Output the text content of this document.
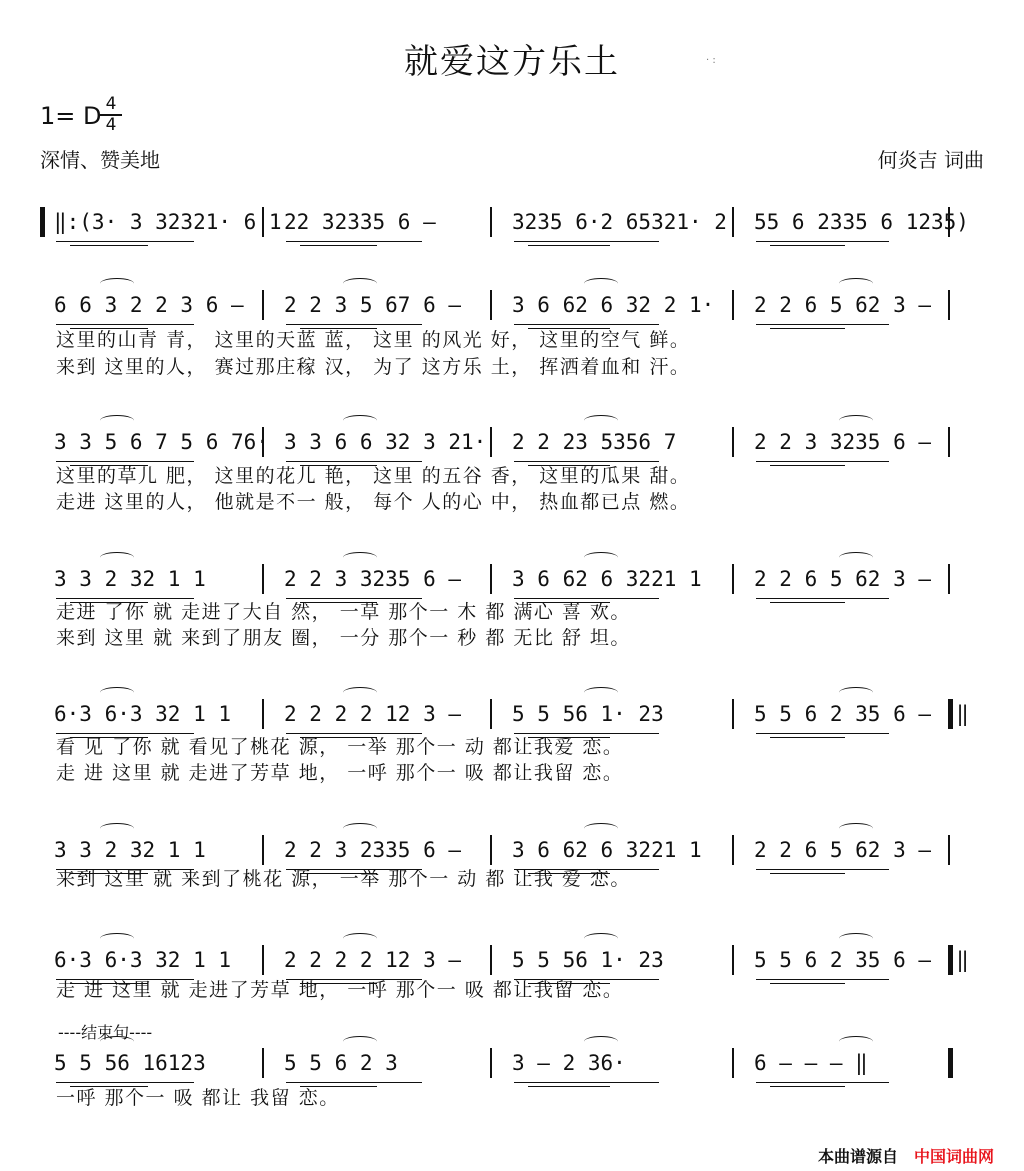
就爱这方乐土	· :
1= D 4
4
深情、赞美地	何炎吉 词曲
‖:(3· 3 32321· 6 1 22 32335 6 –	3235 6·2 65321· 2	55 6 2335 6 1235)
6 6 3 2 2 3 6 –	2 2 3 5 67 6 –	3 6 62 6 32 2 1·	2 2 6 5 62 3 –
这里的山青 青， 这里的天蓝 蓝， 这里 的风光 好， 这里的空气 鲜。
来到 这里的人， 赛过那庄稼 汉， 为了 这方乐 土， 挥洒着血和 汗。
3 3 5 6 7 5 6 76· 3 3 6 6 32 3 21·	2 2 23 5356 7	2 2 3 3235 6 –
这里的草儿 肥， 这里的花儿 艳， 这里 的五谷 香， 这里的瓜果 甜。
走进 这里的人， 他就是不一 般， 每个 人的心 中， 热血都已点 燃。
3 3 2 32 1 1	2 2 3 3235 6 –	3 6 62 6 3221 1	2 2 6 5 62 3 –
走进 了你 就 走进了大自 然， 一草 那个一 木 都 满心 喜 欢。
来到 这里 就 来到了朋友 圈， 一分 那个一 秒 都 无比 舒 坦。
6·3 6·3 32 1 1	2 2 2 2 12 3 –	5 5 56 1· 23	5 5 6 2 35 6 – :‖
看 见 了你 就 看见了桃花 源， 一举 那个一 动 都让我爱 恋。
走 进 这里 就 走进了芳草 地， 一呼 那个一 吸 都让我留 恋。
3 3 2 32 1 1	2 2 3 2335 6 –	3 6 62 6 3221 1	2 2 6 5 62 3 –
来到 这里 就 来到了桃花 源， 一举 那个一 动 都 让我 爱 恋。
6·3 6·3 32 1 1	2 2 2 2 12 3 –	5 5 56 1· 23	5 5 6 2 35 6 – :‖
走 进 这里 就 走进了芳草 地， 一呼 那个一 吸 都让我留 恋。
5 5 56 16123	5 5 6 2 3	3 – 2 36·	6 – – – ‖
一呼 那个一 吸 都让 我留 恋。
----结束句----
本曲谱源自 中国词曲网
